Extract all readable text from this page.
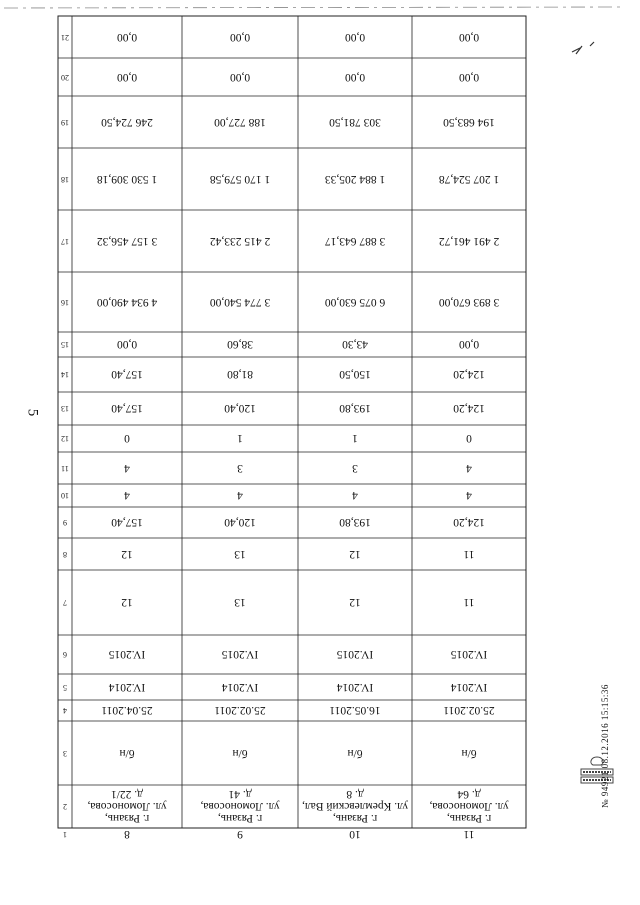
5
1
2
3
4
5
6
7
8
9
10
11
12
13
14
15
16
17
18
19
20
21
8
г. Рязань,
ул. Ломоносова,
д. 22/1
б/н
25.04.2011
IV.2014
IV.2015
12
12
157,40
4
4
0
157,40
157,40
0,00
4 934 490,00
3 157 456,32
1 530 309,18
246 724,50
0,00
0,00
9
г. Рязань,
ул. Ломоносова,
д. 41
б/н
25.02.2011
IV.2014
IV.2015
13
13
120,40
4
3
1
120,40
81,80
38,60
3 774 540,00
2 415 233,42
1 170 579,58
188 727,00
0,00
0,00
10
г. Рязань,
ул. Кремлевский Вал,
д. 8
б/н
16.05.2011
IV.2014
IV.2015
12
12
193,80
4
3
1
193,80
150,50
43,30
6 075 630,00
3 887 643,17
1 884 205,33
303 781,50
0,00
0,00
11
г. Рязань,
ул. Ломоносова,
д. 64
б/н
25.02.2011
IV.2014
IV.2015
11
11
124,20
4
4
0
124,20
124,20
0,00
3 893 670,00
2 491 461,72
1 207 524,78
194 683,50
0,00
0,00
№ 94921 08.12.2016 15:15:36
